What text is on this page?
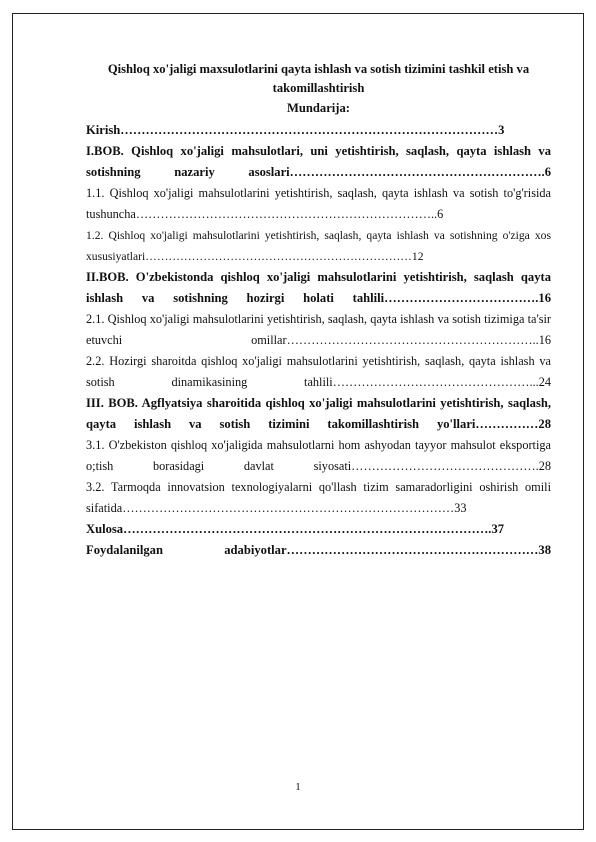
Qishloq xo'jaligi maxsulotlarini qayta ishlash va sotish tizimini tashkil etish va takomillashtirish

Mundarija:

Kirish………………………………………………………………………………3
I.BOB. Qishloq xo'jaligi mahsulotlari, uni yetishtirish, saqlash, qayta ishlash va sotishning nazariy asoslari…………………………………………………….6
1.1. Qishloq xo'jaligi mahsulotlarini yetishtirish, saqlash, qayta ishlash va sotish to'g'risida tushuncha………………………………………………………………..6
1.2. Qishloq xo'jaligi mahsulotlarini yetishtirish, saqlash, qayta ishlash va sotishning o'ziga xos xususiyatlari……………………………………………………………12
II.BOB. O'zbekistonda qishloq xo'jaligi mahsulotlarini yetishtirish, saqlash qayta ishlash va sotishning hozirgi holati tahlili……………………………….16
2.1. Qishloq xo'jaligi mahsulotlarini yetishtirish, saqlash, qayta ishlash va sotish tizimiga ta'sir etuvchi omillar……………………………………………………..16
2.2. Hozirgi sharoitda qishloq xo'jaligi mahsulotlarini yetishtirish, saqlash, qayta ishlash va sotish dinamikasining tahlili…………………………………………...24
III. BOB. Agflyatsiya sharoitida qishloq xo'jaligi mahsulotlarini yetishtirish, saqlash, qayta ishlash va sotish tizimini takomillashtirish yo'llari……………28
3.1. O'zbekiston qishloq xo'jaligida mahsulotlarni hom ashyodan tayyor mahsulot eksportiga o;tish borasidagi davlat siyosati……………………………………….28
3.2. Tarmoqda innovatsion texnologiyalarni qo'llash tizim samaradorligini oshirish omili sifatida………………………………………………………………………33
Xulosa…………………………………………………………………………….37
Foydalanilgan adabiyotlar……………………………………………………38
1
